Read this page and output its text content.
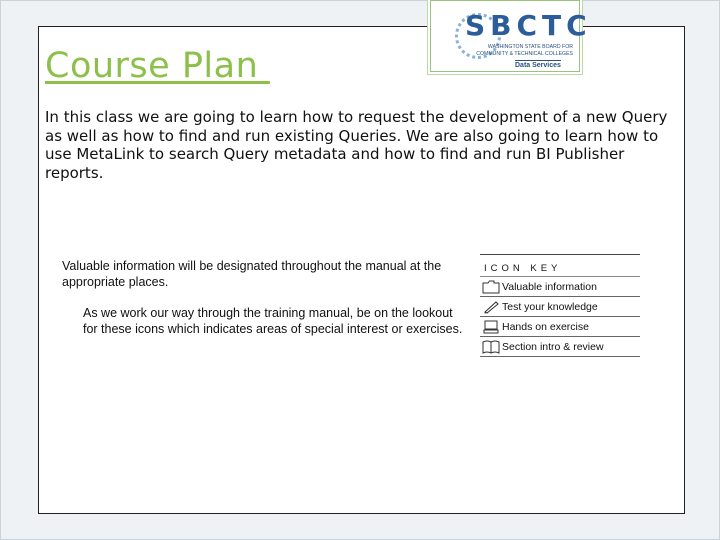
SBCTC
WASHINGTON STATE BOARD FOR
COMMUNITY & TECHNICAL COLLEGES
Data Services
Course Plan
In this class we are going to learn how to request the development of a new Query as well as how to find and run existing Queries. We are also going to learn how to use MetaLink to search Query metadata and how to find and run BI Publisher reports.
Valuable information will be designated throughout the manual at the appropriate places.
As we work our way through the training manual, be on the lookout for these icons which indicates areas of special interest or exercises.
ICON KEY
Valuable information
Test your knowledge
Hands on exercise
Section intro & review
